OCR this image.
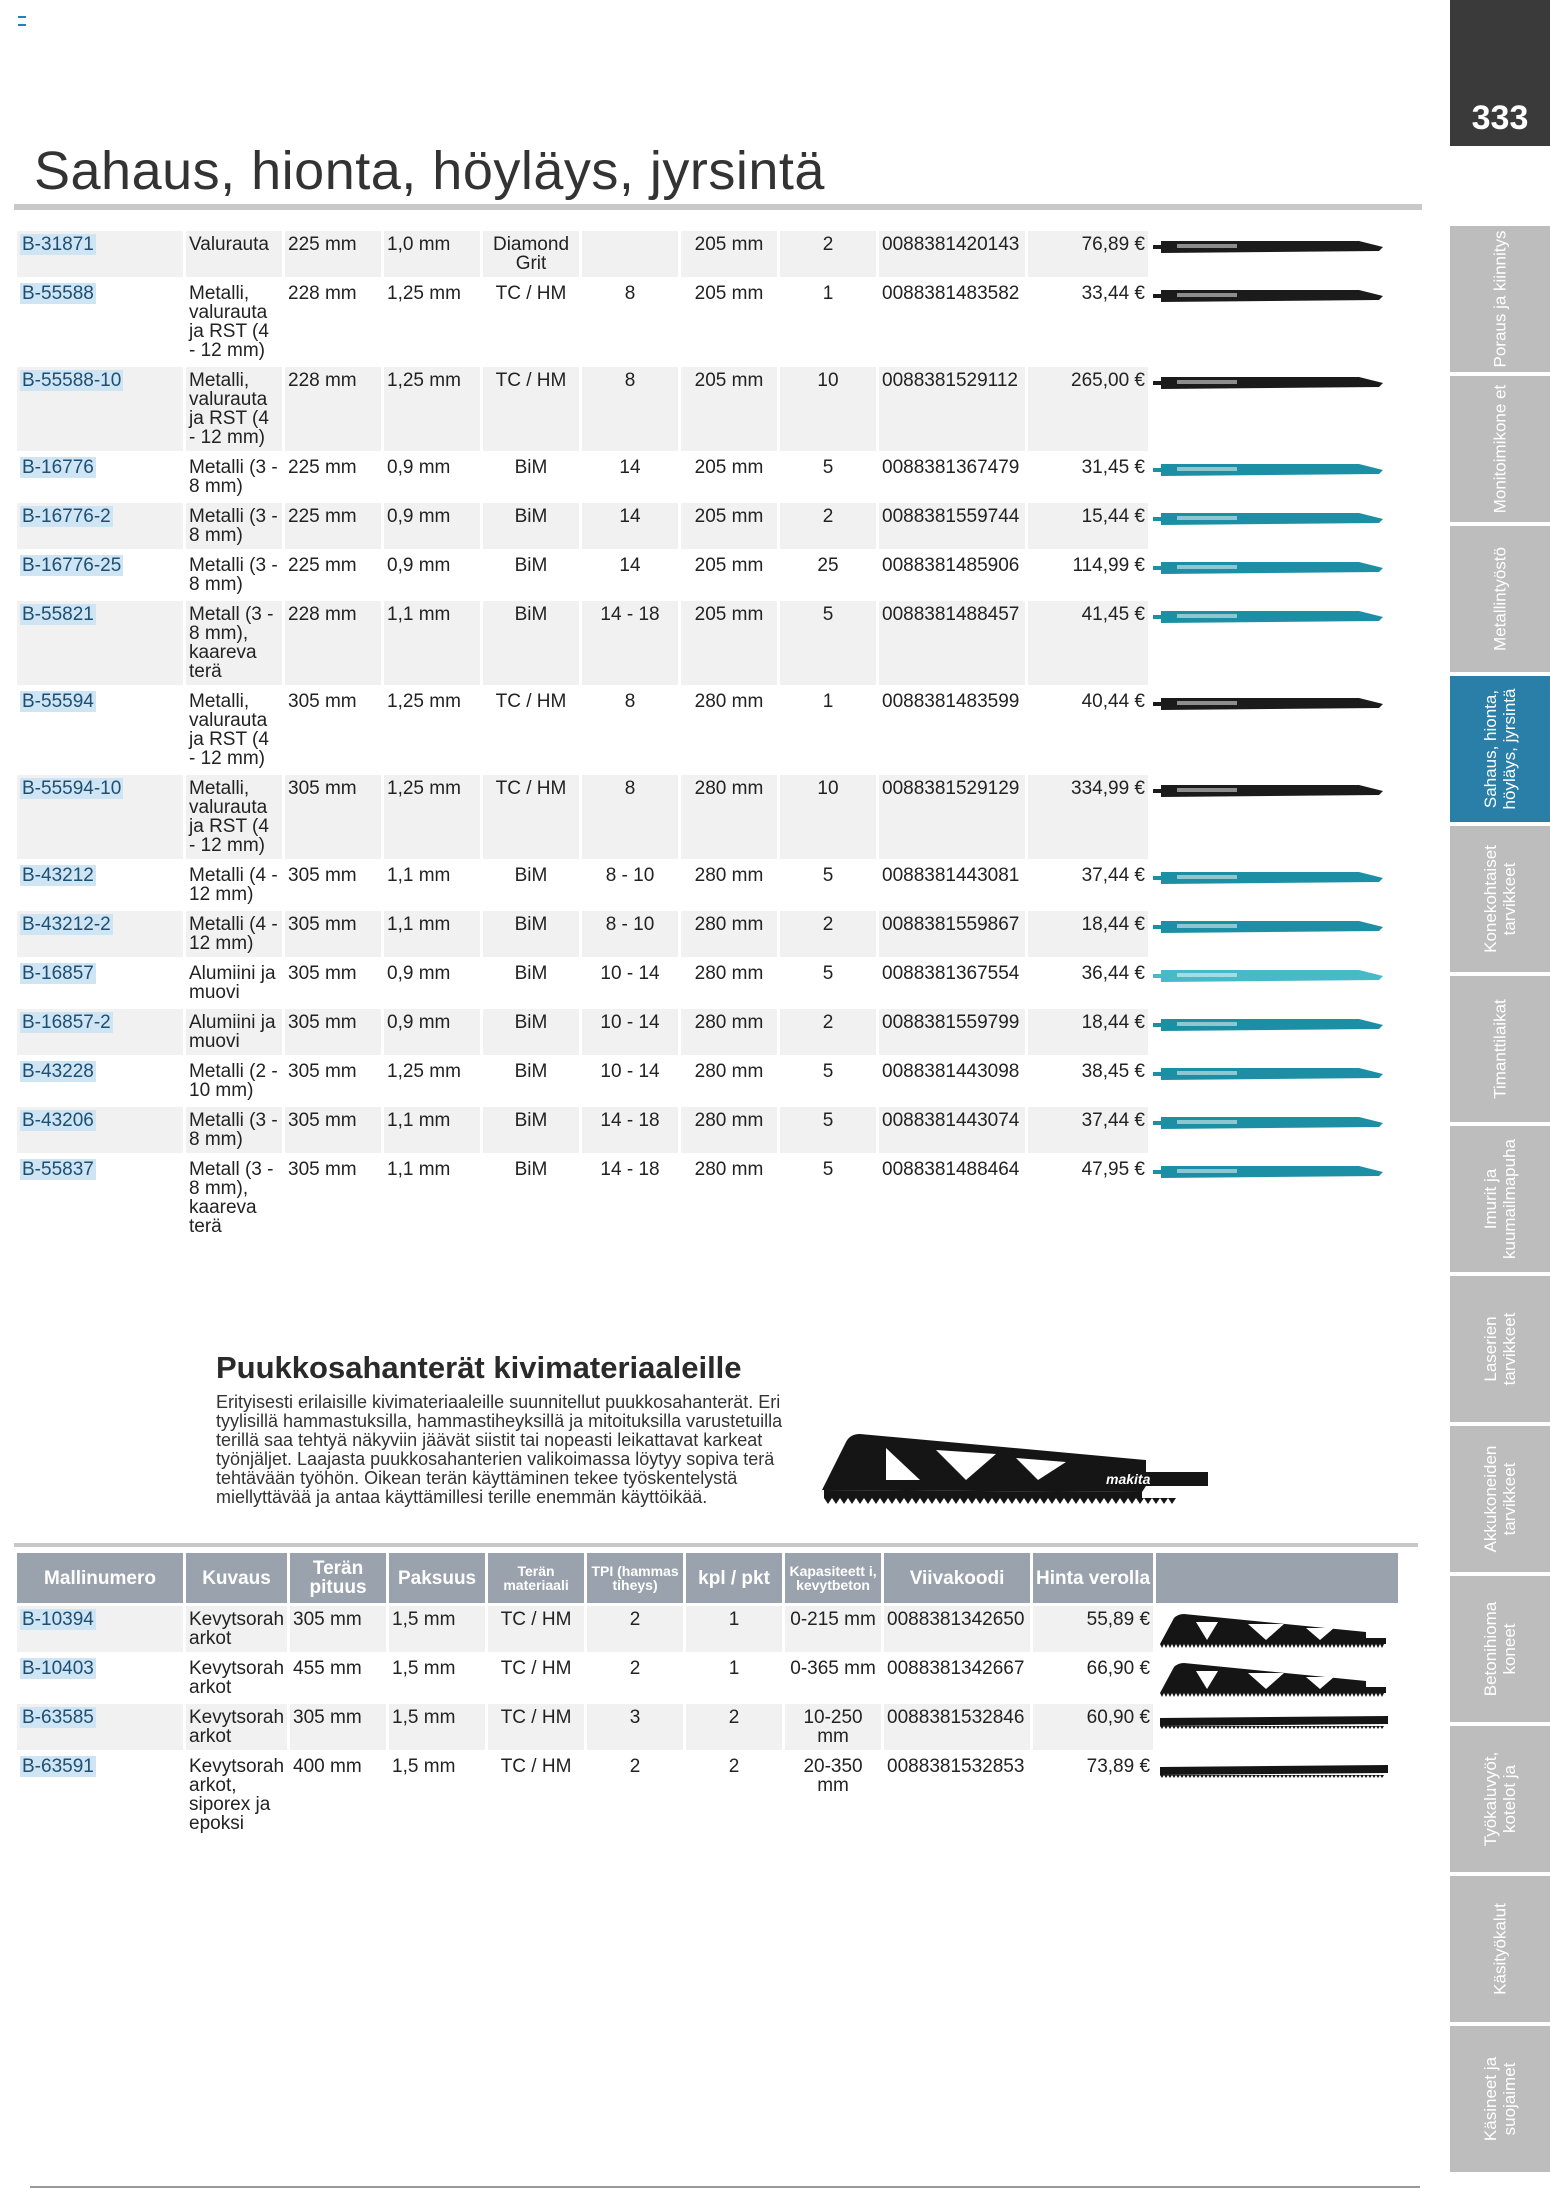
333
Sahaus, hionta, höyläys, jyrsintä
Poraus ja kiinnitys
Monitoimikone et
Metallintyöstö
Sahaus, hionta, höyläys, jyrsintä
Konekohtaiset tarvikkeet
Timanttilaikat
Imurit ja kuumailmapuha
Laserien tarvikkeet
Akkukoneiden tarvikkeet
Betonihioma koneet
Työkaluvyöt, kotelot ja
Käsityökalut
Käsineet ja suojaimet
B-31871	Valurauta	225 mm	1,0 mm	Diamond Grit		205 mm	2	0088381420143	76,89 €	

B-55588	Metalli, valurauta ja RST (4 - 12 mm)	228 mm	1,25 mm	TC / HM	8	205 mm	1	0088381483582	33,44 €	

B-55588-10	Metalli, valurauta ja RST (4 - 12 mm)	228 mm	1,25 mm	TC / HM	8	205 mm	10	0088381529112	265,00 €	

B-16776	Metalli (3 - 8 mm)	225 mm	0,9 mm	BiM	14	205 mm	5	0088381367479	31,45 €	

B-16776-2	Metalli (3 - 8 mm)	225 mm	0,9 mm	BiM	14	205 mm	2	0088381559744	15,44 €	

B-16776-25	Metalli (3 - 8 mm)	225 mm	0,9 mm	BiM	14	205 mm	25	0088381485906	114,99 €	

B-55821	Metall (3 - 8 mm), kaareva terä	228 mm	1,1 mm	BiM	14 - 18	205 mm	5	0088381488457	41,45 €	

B-55594	Metalli, valurauta ja RST (4 - 12 mm)	305 mm	1,25 mm	TC / HM	8	280 mm	1	0088381483599	40,44 €	

B-55594-10	Metalli, valurauta ja RST (4 - 12 mm)	305 mm	1,25 mm	TC / HM	8	280 mm	10	0088381529129	334,99 €	

B-43212	Metalli (4 - 12 mm)	305 mm	1,1 mm	BiM	8 - 10	280 mm	5	0088381443081	37,44 €	

B-43212-2	Metalli (4 - 12 mm)	305 mm	1,1 mm	BiM	8 - 10	280 mm	2	0088381559867	18,44 €	

B-16857	Alumiini ja muovi	305 mm	0,9 mm	BiM	10 - 14	280 mm	5	0088381367554	36,44 €	

B-16857-2	Alumiini ja muovi	305 mm	0,9 mm	BiM	10 - 14	280 mm	2	0088381559799	18,44 €	

B-43228	Metalli (2 - 10 mm)	305 mm	1,25 mm	BiM	10 - 14	280 mm	5	0088381443098	38,45 €	

B-43206	Metalli (3 - 8 mm)	305 mm	1,1 mm	BiM	14 - 18	280 mm	5	0088381443074	37,44 €	

B-55837	Metall (3 - 8 mm), kaareva terä	305 mm	1,1 mm	BiM	14 - 18	280 mm	5	0088381488464	47,95 €	
Puukkosahanterät kivimateriaaleille
Erityisesti erilaisille kivimateriaaleille suunnitellut puukkosahanterät. Eri tyylisillä hammastuksilla, hammastiheyksillä ja mitoituksilla varustetuilla terillä saa tehtyä näkyviin jäävät siistit tai nopeasti leikattavat karkeat työnjäljet. Laajasta puukkosahanterien valikoimassa löytyy sopiva terä tehtävään työhön. Oikean terän käyttäminen tekee työskentelystä miellyttävää ja antaa käyttämillesi terille enemmän käyttöikää.
makita
Mallinumero	Kuvaus	Terän pituus	Paksuus	Terän materiaali	TPI (hammas tiheys)	kpl / pkt	Kapasiteett i, kevytbeton	Viivakoodi	Hinta verolla	
B-10394	Kevytsorah arkot	305 mm	1,5 mm	TC / HM	2	1	0-215 mm	0088381342650	55,89 €	

B-10403	Kevytsorah arkot	455 mm	1,5 mm	TC / HM	2	1	0-365 mm	0088381342667	66,90 €	

B-63585	Kevytsorah arkot	305 mm	1,5 mm	TC / HM	3	2	10-250 mm	0088381532846	60,90 €	

B-63591	Kevytsorah arkot, siporex ja epoksi	400 mm	1,5 mm	TC / HM	2	2	20-350 mm	0088381532853	73,89 €	
